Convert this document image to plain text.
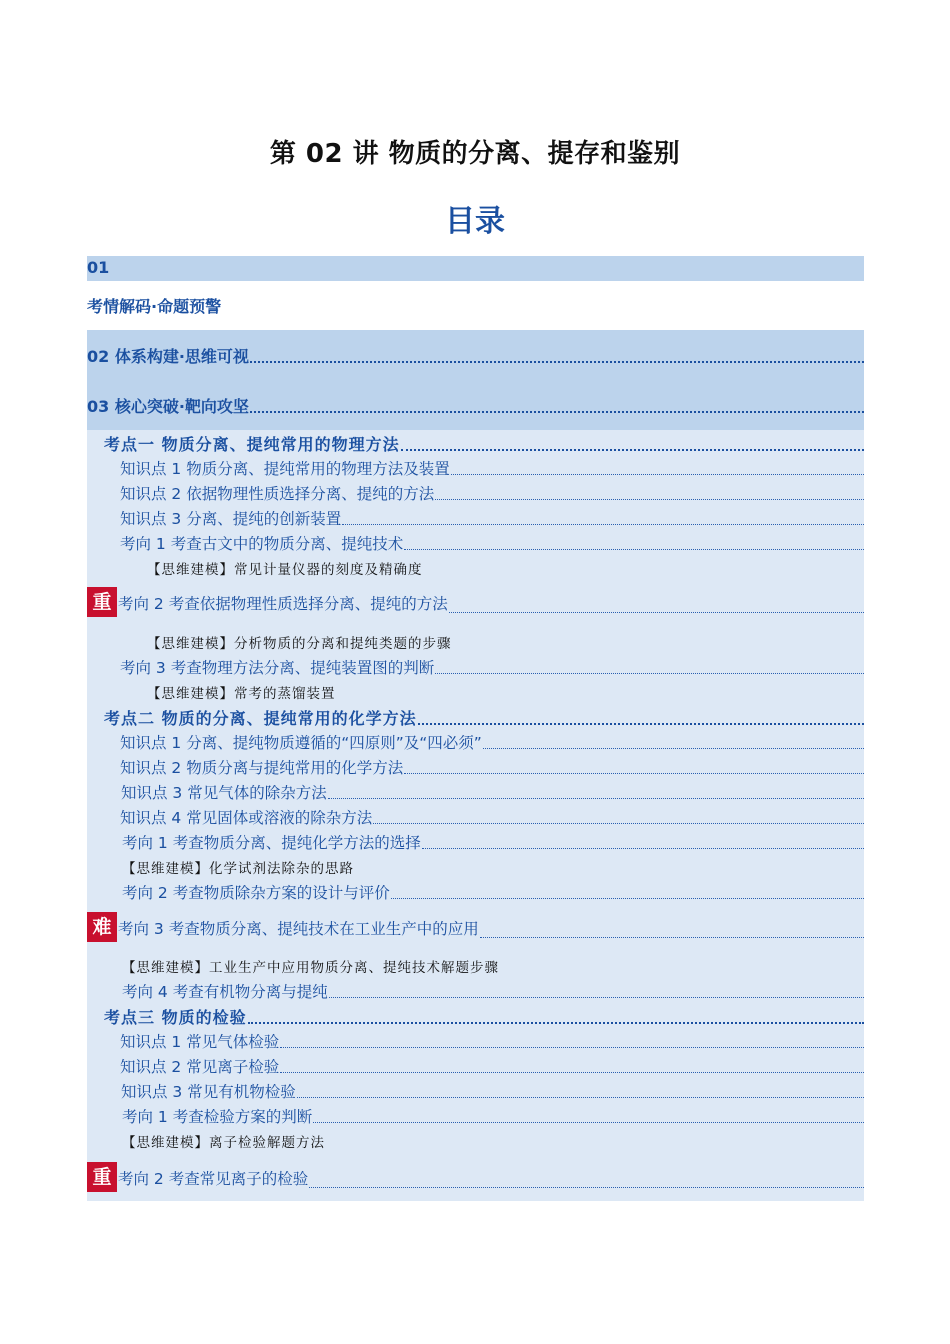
第 02 讲 物质的分离、提存和鉴别
目录
01
考情解码·命题预警
02 体系构建·思维可视
03 核心突破·靶向攻坚
考点一 物质分离、提纯常用的物理方法
知识点 1 物质分离、提纯常用的物理方法及装置
知识点 2 依据物理性质选择分离、提纯的方法
知识点 3 分离、提纯的创新装置
考向 1 考查古文中的物质分离、提纯技术
【思维建模】常见计量仪器的刻度及精确度
重 考向 2 考查依据物理性质选择分离、提纯的方法
【思维建模】分析物质的分离和提纯类题的步骤
考向 3 考查物理方法分离、提纯装置图的判断
【思维建模】常考的蒸馏装置
考点二 物质的分离、提纯常用的化学方法
知识点 1 分离、提纯物质遵循的“四原则”及“四必须”
知识点 2 物质分离与提纯常用的化学方法
知识点 3 常见气体的除杂方法
知识点 4 常见固体或溶液的除杂方法
考向 1 考查物质分离、提纯化学方法的选择
【思维建模】化学试剂法除杂的思路
考向 2 考查物质除杂方案的设计与评价
难 考向 3 考查物质分离、提纯技术在工业生产中的应用
【思维建模】工业生产中应用物质分离、提纯技术解题步骤
考向 4 考查有机物分离与提纯
考点三 物质的检验
知识点 1 常见气体检验
知识点 2 常见离子检验
知识点 3 常见有机物检验
考向 1 考查检验方案的判断
【思维建模】离子检验解题方法
重 考向 2 考查常见离子的检验
